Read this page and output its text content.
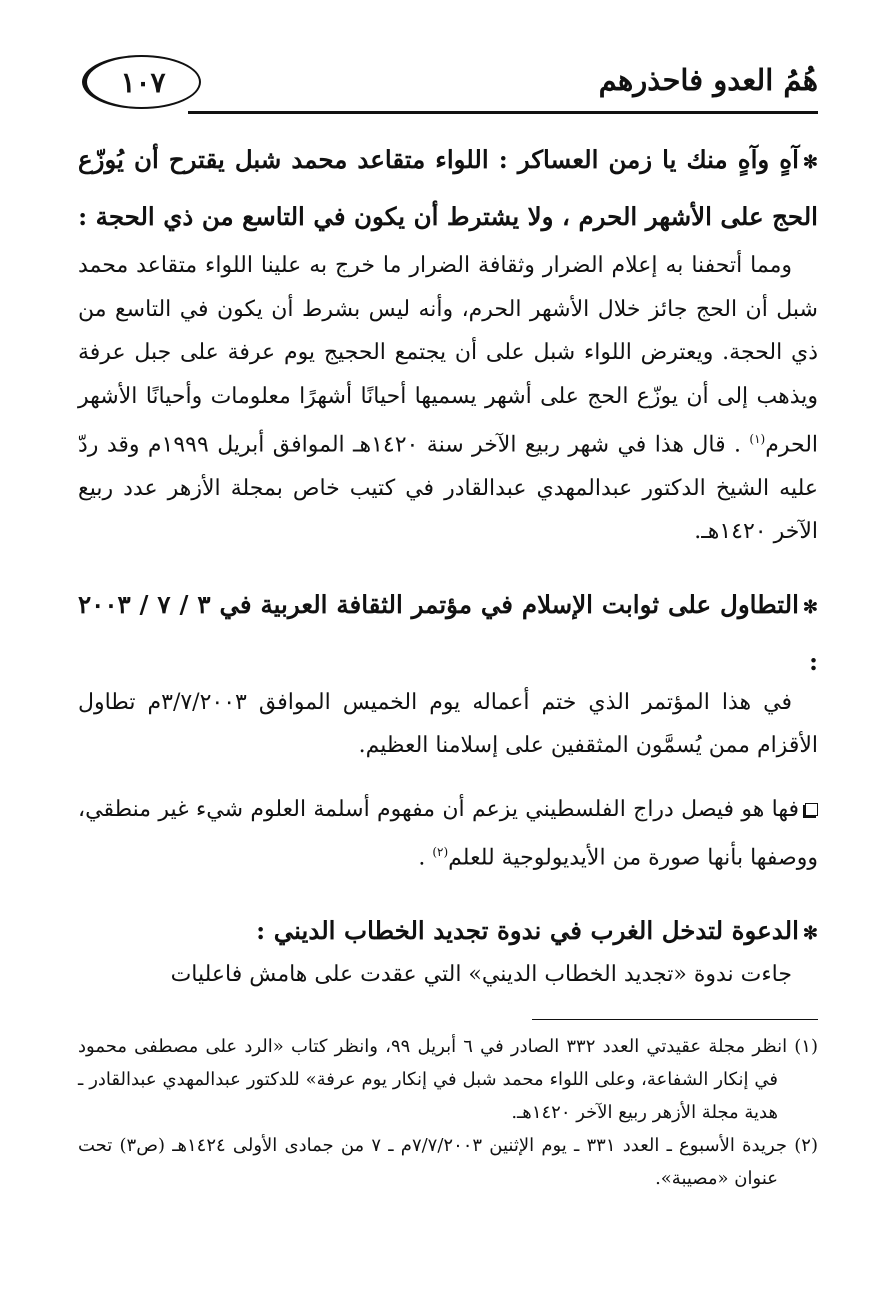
هُمُ العدو فاحذرهم
١٠٧

✻آهٍ وآهٍ منك يا زمن العساكر : اللواء متقاعد محمد شبل يقترح أن يُوزّع الحج على الأشهر الحرم ، ولا يشترط أن يكون في التاسع من ذي الحجة :

ومما أتحفنا به إعلام الضرار وثقافة الضرار ما خرج به علينا اللواء متقاعد محمد شبل أن الحج جائز خلال الأشهر الحرم، وأنه ليس بشرط أن يكون في التاسع من ذي الحجة. ويعترض اللواء شبل على أن يجتمع الحجيج يوم عرفة على جبل عرفة ويذهب إلى أن يوزّع الحج على أشهر يسميها أحيانًا أشهرًا معلومات وأحيانًا الأشهر الحرم$^{(١)}$ . قال هذا في شهر ربيع الآخر سنة ١٤٢٠هـ الموافق أبريل ١٩٩٩م وقد ردّ عليه الشيخ الدكتور عبدالمهدي عبدالقادر في كتيب خاص بمجلة الأزهر عدد ربيع الآخر ١٤٢٠هـ.

✻التطاول على ثوابت الإسلام في مؤتمر الثقافة العربية في ٣ / ٧ / ٢٠٠٣ :

في هذا المؤتمر الذي ختم أعماله يوم الخميس الموافق ٣/٧/٢٠٠٣م تطاول الأقزام ممن يُسمَّون المثقفين على إسلامنا العظيم.

فها هو فيصل دراج الفلسطيني يزعم أن مفهوم أسلمة العلوم شيء غير منطقي، ووصفها بأنها صورة من الأيديولوجية للعلم$^{(٢)}$ .

✻الدعوة لتدخل الغرب في ندوة تجديد الخطاب الديني :

جاءت ندوة «تجديد الخطاب الديني» التي عقدت على هامش فاعليات

(١) انظر مجلة عقيدتي العدد ٣٣٢ الصادر في ٦ أبريل ٩٩، وانظر كتاب «الرد على مصطفى محمود في إنكار الشفاعة، وعلى اللواء محمد شبل في إنكار يوم عرفة» للدكتور عبدالمهدي عبدالقادر ـ هدية مجلة الأزهر ربيع الآخر ١٤٢٠هـ.

(٢) جريدة الأسبوع ـ العدد ٣٣١ ـ يوم الإثنين ٧/٧/٢٠٠٣م ـ ٧ من جمادى الأولى ١٤٢٤هـ (ص٣) تحت عنوان «مصيبة».
